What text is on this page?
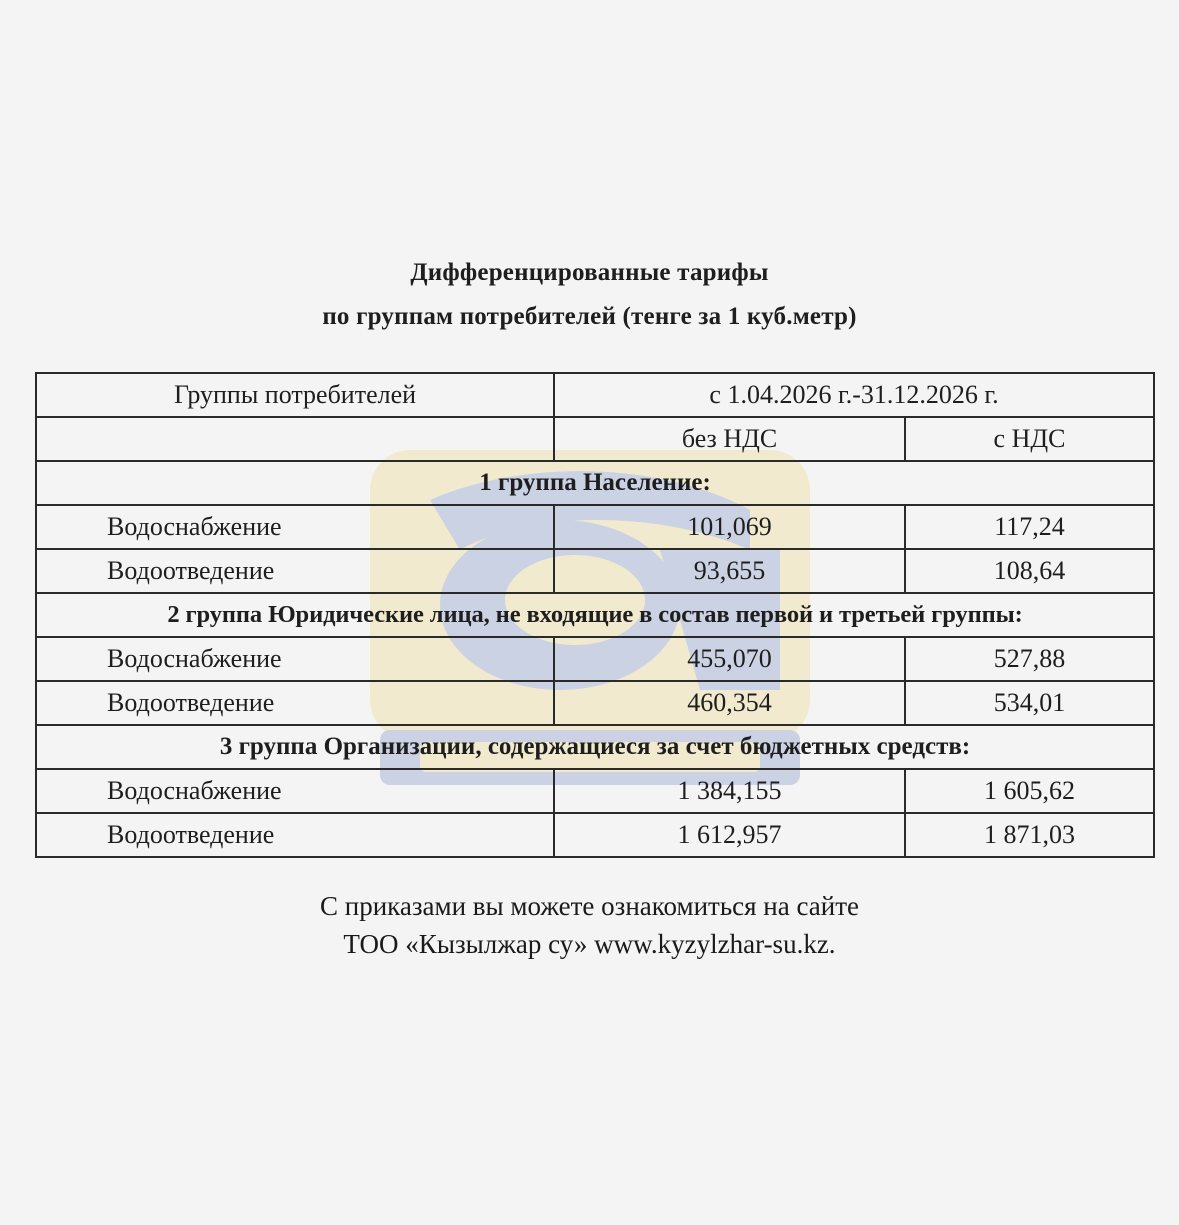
Дифференцированные тарифы
по группам потребителей (тенге за 1 куб.метр)
Группы потребителей	с 1.04.2026 г.-31.12.2026 г.	
	без НДС	с НДС
1 группа Население:		
Водоснабжение	101,069	117,24
Водоотведение	93,655	108,64
2 группа Юридические лица, не входящие в состав первой и третьей группы:		
Водоснабжение	455,070	527,88
Водоотведение	460,354	534,01
3 группа Организации, содержащиеся за счет бюджетных средств:		
Водоснабжение	1 384,155	1 605,62
Водоотведение	1 612,957	1 871,03
С приказами вы можете ознакомиться на сайте
ТОО «Кызылжар су» www.kyzylzhar-su.kz.
